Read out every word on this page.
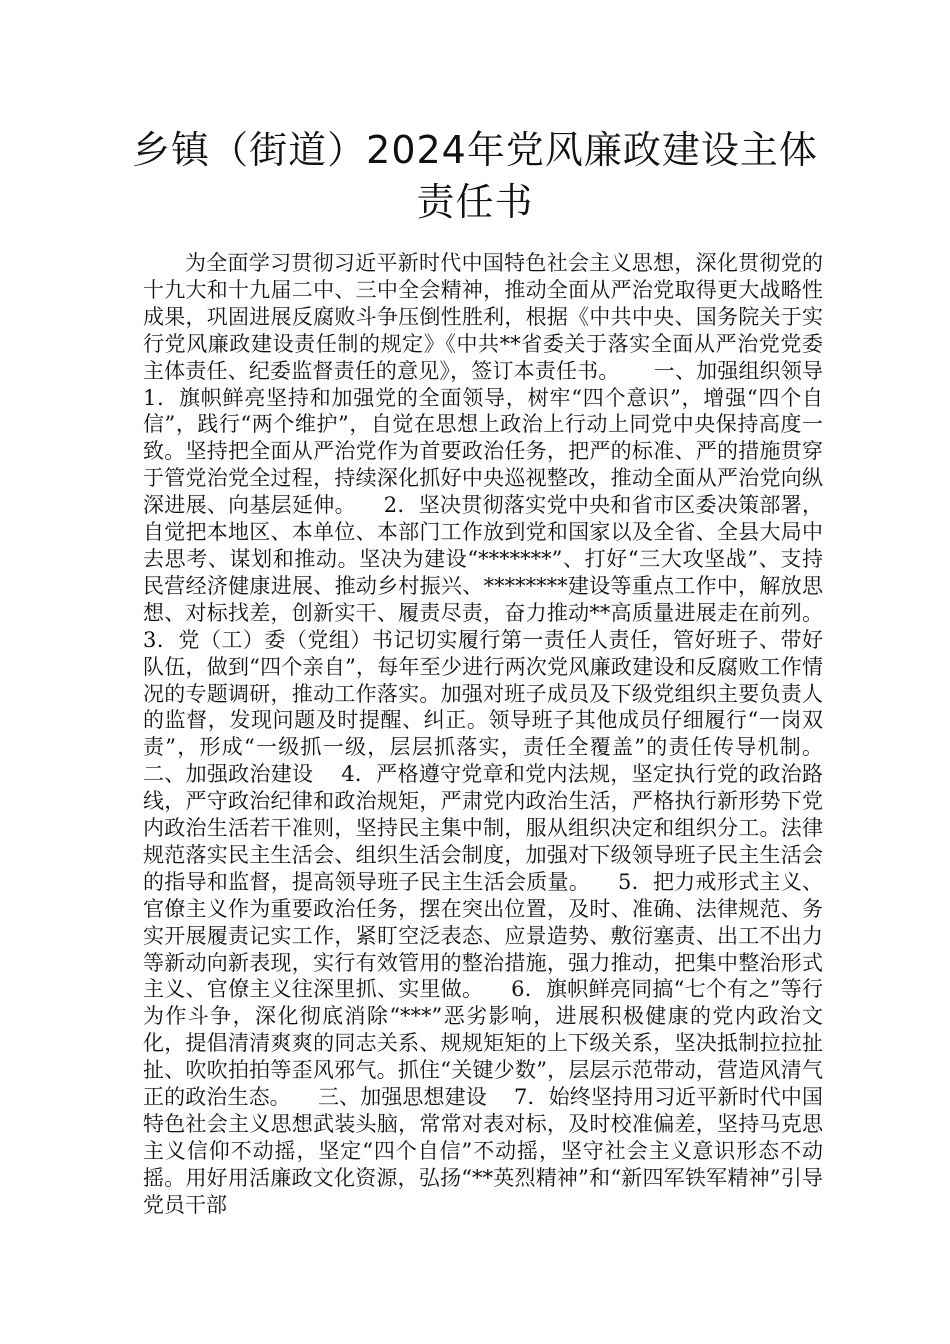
乡镇（街道）2024年党风廉政建设主体
责任书

为全面学习贯彻习近平新时代中国特色社会主义思想，深化贯彻党的十九大和十九届二中、三中全会精神，推动全面从严治党取得更大战略性成果，巩固进展反腐败斗争压倒性胜利，根据《中共中央、国务院关于实行党风廉政建设责任制的规定》《中共**省委关于落实全面从严治党党委主体责任、纪委监督责任的意见》，签订本责任书。     一、加强组织领导    1．旗帜鲜亮坚持和加强党的全面领导，树牢“四个意识”，增强“四个自信”，践行“两个维护”，自觉在思想上政治上行动上同党中央保持高度一致。坚持把全面从严治党作为首要政治任务，把严的标准、严的措施贯穿于管党治党全过程，持续深化抓好中央巡视整改，推动全面从严治党向纵深进展、向基层延伸。    2．坚决贯彻落实党中央和省市区委决策部署，自觉把本地区、本单位、本部门工作放到党和国家以及全省、全县大局中去思考、谋划和推动。坚决为建设“*******”、打好“三大攻坚战”、支持民营经济健康进展、推动乡村振兴、********建设等重点工作中，解放思想、对标找差，创新实干、履责尽责，奋力推动**高质量进展走在前列。    3．党（工）委（党组）书记切实履行第一责任人责任，管好班子、带好队伍，做到“四个亲自”，每年至少进行两次党风廉政建设和反腐败工作情况的专题调研，推动工作落实。加强对班子成员及下级党组织主要负责人的监督，发现问题及时提醒、纠正。领导班子其他成员仔细履行“一岗双责”，形成“一级抓一级，层层抓落实，责任全覆盖”的责任传导机制。    二、加强政治建设    4．严格遵守党章和党内法规，坚定执行党的政治路线，严守政治纪律和政治规矩，严肃党内政治生活，严格执行新形势下党内政治生活若干准则，坚持民主集中制，服从组织决定和组织分工。法律规范落实民主生活会、组织生活会制度，加强对下级领导班子民主生活会的指导和监督，提高领导班子民主生活会质量。    5．把力戒形式主义、官僚主义作为重要政治任务，摆在突出位置，及时、准确、法律规范、务实开展履责记实工作，紧盯空泛表态、应景造势、敷衍塞责、出工不出力等新动向新表现，实行有效管用的整治措施，强力推动，把集中整治形式主义、官僚主义往深里抓、实里做。    6．旗帜鲜亮同搞“七个有之”等行为作斗争，深化彻底消除“***”恶劣影响，进展积极健康的党内政治文化，提倡清清爽爽的同志关系、规规矩矩的上下级关系，坚决抵制拉拉扯扯、吹吹拍拍等歪风邪气。抓住“关键少数”，层层示范带动，营造风清气正的政治生态。    三、加强思想建设    7．始终坚持用习近平新时代中国特色社会主义思想武装头脑，常常对表对标，及时校准偏差，坚持马克思主义信仰不动摇，坚定“四个自信”不动摇，坚守社会主义意识形态不动摇。用好用活廉政文化资源，弘扬“**英烈精神”和“新四军铁军精神”引导党员干部
